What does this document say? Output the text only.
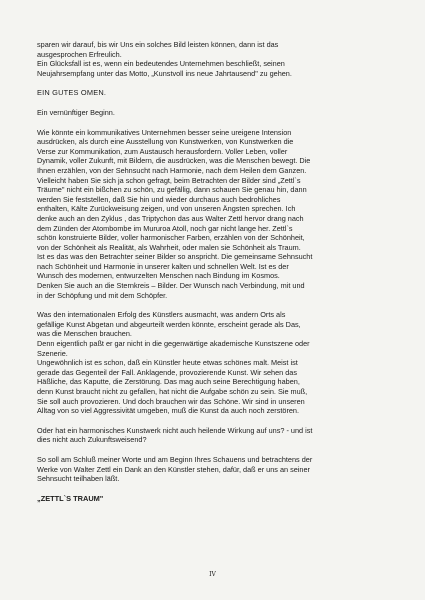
sparen wir darauf, bis wir Uns ein solches Bild leisten können, dann ist das

ausgesprochen Erfreulich.

Ein Glücksfall ist es, wenn ein bedeutendes Unternehmen beschließt, seinen

Neujahrsempfang unter das Motto, „Kunstvoll ins neue Jahrtausend" zu gehen.

EIN GUTES OMEN.

Ein vernünftiger Beginn.

Wie könnte ein kommunikatives Unternehmen besser seine ureigene Intension

ausdrücken, als durch eine Ausstellung von Kunstwerken, von Kunstwerken die

Verse zur Kommunikation, zum Austausch herausfordern. Voller Leben, voller

Dynamik, voller Zukunft, mit Bildern, die ausdrücken, was die Menschen bewegt. Die

Ihnen erzählen, von der Sehnsucht nach Harmonie, nach dem Heilen dem Ganzen.

Vielleicht haben Sie sich ja schon gefragt, beim Betrachten der Bilder sind „Zettl`s

Träume" nicht ein bißchen zu schön, zu gefällig, dann schauen Sie genau hin, dann

werden Sie feststellen, daß Sie hin und wieder durchaus auch bedrohliches

enthalten, Kälte Zurückweisung zeigen, und von unseren Ängsten sprechen. Ich

denke auch an den Zyklus , das Triptychon das aus Walter Zettl hervor drang nach

dem Zünden der Atombombe im Mururoa Atoll, noch gar nicht lange her. Zettl`s

schön konstruierte Bilder, voller harmonischer Farben, erzählen von der Schönheit,

von der Schönheit als Realität, als Wahrheit, oder malen sie Schönheit als Traum.

Ist es das was den Betrachter seiner Bilder so anspricht. Die gemeinsame Sehnsucht

nach Schönheit und Harmonie in unserer kalten und schnellen Welt. Ist es der

Wunsch des modernen, entwurzelten Menschen nach Bindung im Kosmos.

Denken Sie auch an die Sternkreis – Bilder. Der Wunsch nach Verbindung, mit und

in der Schöpfung und mit dem Schöpfer.

Was den internationalen Erfolg des Künstlers ausmacht, was andern Orts als

gefällige Kunst Abgetan und abgeurteilt werden könnte, erscheint gerade als Das,

was die Menschen brauchen.

Denn eigentlich paßt er gar nicht in die gegenwärtige akademische Kunstszene oder

Szenerie.

Ungewöhnlich ist es schon, daß ein Künstler heute etwas schönes malt. Meist ist

gerade das Gegenteil der Fall. Anklagende, provozierende Kunst. Wir sehen das

Häßliche, das Kaputte, die Zerstörung. Das mag auch seine Berechtigung haben,

denn Kunst braucht nicht zu gefallen, hat nicht die Aufgabe schön zu sein. Sie muß,

Sie soll auch provozieren. Und doch brauchen wir das Schöne. Wir sind in unseren

Alltag von so viel Aggressivität umgeben, muß die Kunst da auch noch zerstören.

Oder hat ein harmonisches Kunstwerk nicht auch heilende Wirkung auf uns? - und ist

dies nicht auch Zukunftsweisend?

So soll am Schluß meiner Worte und am Beginn Ihres Schauens und betrachtens der

Werke von Walter Zettl ein Dank an den Künstler stehen, dafür, daß er uns an seiner

Sehnsucht teilhaben läßt.

„ZETTL`S TRAUM"

IV
